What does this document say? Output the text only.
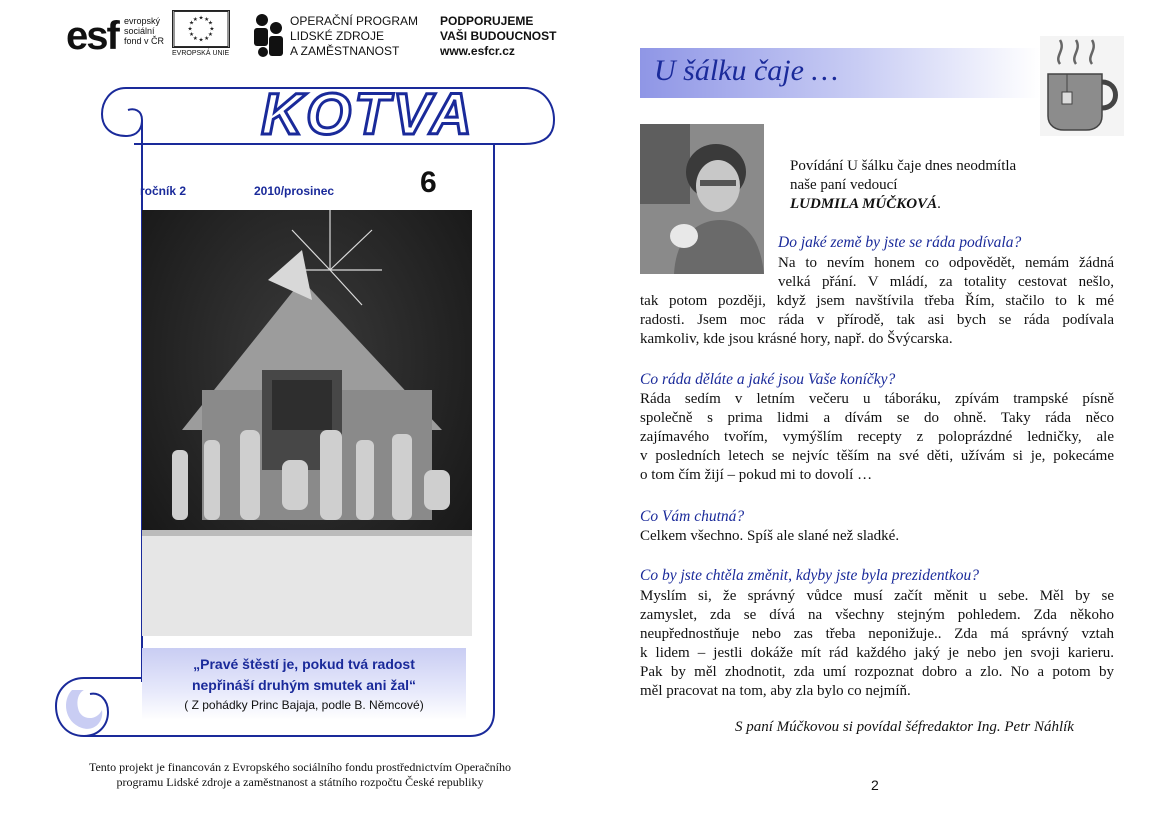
esf evropský
sociální
fond v ČR
★ ★
★
★
★
★
★
★
★
★
★
★
EVROPSKÁ UNIE
OPERAČNÍ PROGRAM
LIDSKÉ ZDROJE
A ZAMĚSTNANOST
PODPORUJEME
VAŠI BUDOUCNOST
www.esfcr.cz
KOTVA
ročník 2	2010/prosinec	6
„Pravé štěstí je, pokud tvá radost
nepřináší druhým smutek ani žal“
( Z pohádky Princ Bajaja, podle B. Němcové)
Tento projekt je financován z Evropského sociálního fondu prostřednictvím Operačního
programu Lidské zdroje a zaměstnanost a státního rozpočtu České republiky
U šálku čaje …
Povídání U šálku čaje dnes neodmítla
naše paní vedoucí
LUDMILA MÚČKOVÁ.
Do jaké země by jste se ráda podívala?
Na to nevím honem co odpovědět, nemám žádná
velká přání. V mládí, za totality cestovat nešlo,
tak potom později, když jsem navštívila třeba Řím, stačilo to k mé
radosti. Jsem moc ráda v přírodě, tak asi bych se ráda podívala
kamkoliv, kde jsou krásné hory, např. do Švýcarska.
Co ráda děláte a jaké jsou Vaše koníčky?
Ráda sedím v letním večeru u táboráku, zpívám trampské písně
společně s prima lidmi a dívám se do ohně. Taky ráda něco
zajímavého tvořím, vymýšlím recepty z poloprázdné ledničky, ale
v posledních letech se nejvíc těším na své děti, užívám si je, pokecáme
o tom čím žijí – pokud mi to dovolí …
Co Vám chutná?
Celkem všechno. Spíš ale slané než sladké.
Co by jste chtěla změnit, kdyby jste byla prezidentkou?
Myslím si, že správný vůdce musí začít měnit u sebe. Měl by se
zamyslet, zda se dívá na všechny stejným pohledem. Zda někoho
neupřednostňuje nebo zas třeba neponižuje.. Zda má správný vztah
k lidem – jestli dokáže mít rád každého jaký je nebo jen svoji karieru.
Pak by měl zhodnotit, zda umí rozpoznat dobro a zlo. No a potom by
měl pracovat na tom, aby zla bylo co nejmíň.
S paní Múčkovou si povídal šéfredaktor Ing. Petr Náhlík
2
